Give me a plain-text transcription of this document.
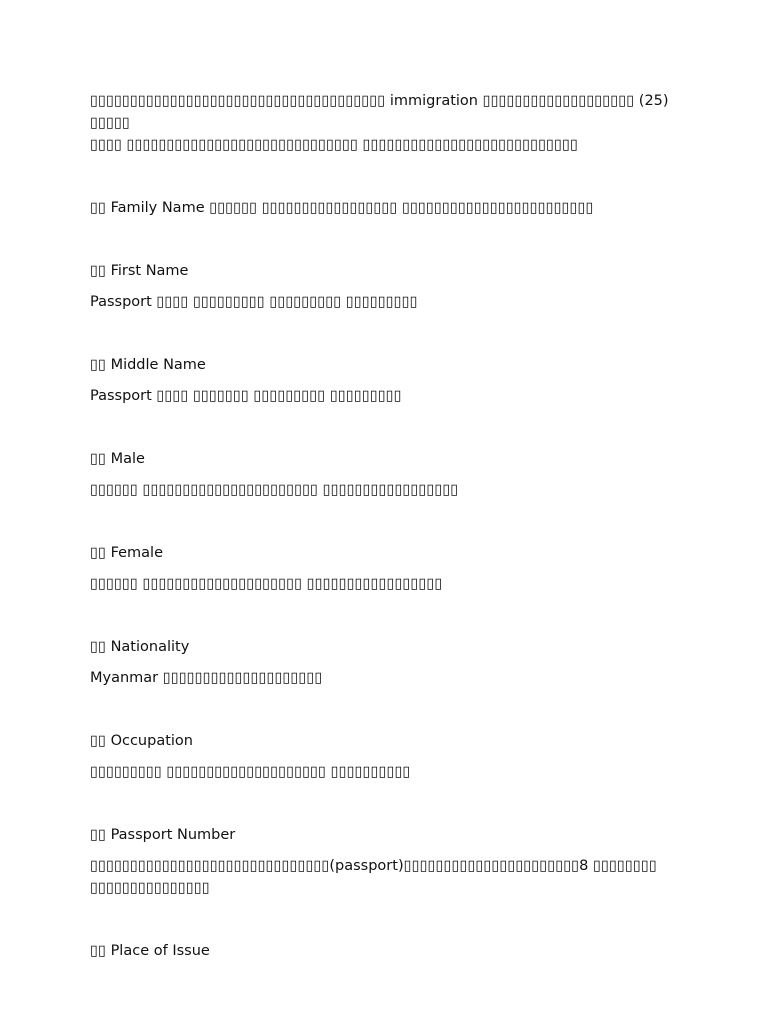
▯▯▯▯▯▯▯▯▯▯▯▯▯▯▯▯▯▯▯▯▯▯▯▯▯▯▯▯▯▯▯▯▯▯▯▯▯ immigration ▯▯▯▯▯▯▯▯▯▯▯▯▯▯▯▯▯▯▯ (25) ▯▯▯▯▯
▯▯▯▯ ▯▯▯▯▯▯▯▯▯▯▯▯▯▯▯▯▯▯▯▯▯▯▯▯▯▯▯▯▯ ▯▯▯▯▯▯▯▯▯▯▯▯▯▯▯▯▯▯▯▯▯▯▯▯▯▯▯

▯▯ Family Name ▯▯▯▯▯▯ ▯▯▯▯▯▯▯▯▯▯▯▯▯▯▯▯▯ ▯▯▯▯▯▯▯▯▯▯▯▯▯▯▯▯▯▯▯▯▯▯▯▯

▯▯ First Name

Passport ▯▯▯▯ ▯▯▯▯▯▯▯▯▯ ▯▯▯▯▯▯▯▯▯ ▯▯▯▯▯▯▯▯▯

▯▯ Middle Name

Passport ▯▯▯▯ ▯▯▯▯▯▯▯ ▯▯▯▯▯▯▯▯▯ ▯▯▯▯▯▯▯▯▯

▯▯ Male

▯▯▯▯▯▯ ▯▯▯▯▯▯▯▯▯▯▯▯▯▯▯▯▯▯▯▯▯▯ ▯▯▯▯▯▯▯▯▯▯▯▯▯▯▯▯▯

▯▯ Female

▯▯▯▯▯▯ ▯▯▯▯▯▯▯▯▯▯▯▯▯▯▯▯▯▯▯▯ ▯▯▯▯▯▯▯▯▯▯▯▯▯▯▯▯▯

▯▯ Nationality

Myanmar ▯▯▯▯▯▯▯▯▯▯▯▯▯▯▯▯▯▯▯▯

▯▯ Occupation

▯▯▯▯▯▯▯▯▯ ▯▯▯▯▯▯▯▯▯▯▯▯▯▯▯▯▯▯▯▯ ▯▯▯▯▯▯▯▯▯▯

▯▯ Passport Number

▯▯▯▯▯▯▯▯▯▯▯▯▯▯▯▯▯▯▯▯▯▯▯▯▯▯▯▯▯▯(passport)▯▯▯▯▯▯▯▯▯▯▯▯▯▯▯▯▯▯▯▯▯▯8 ▯▯▯▯▯▯▯▯ ▯▯▯▯▯▯▯▯▯▯▯▯▯▯▯

▯▯ Place of Issue
